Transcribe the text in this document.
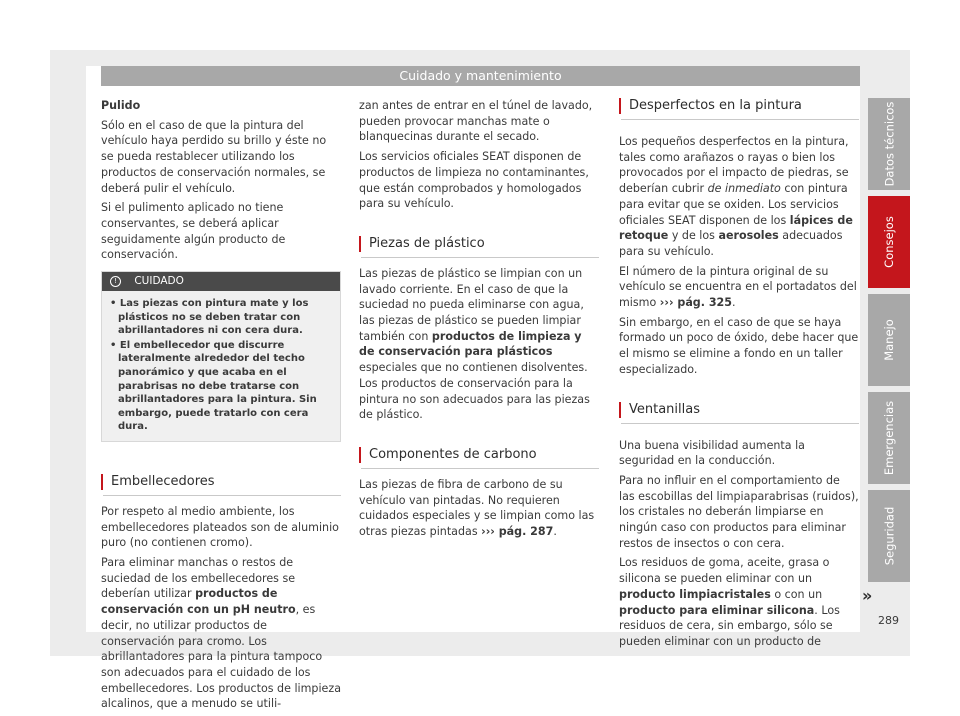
Cuidado y mantenimiento

Pulido

Sólo en el caso de que la pintura del vehículo haya perdido su brillo y éste no se pueda restablecer utilizando los productos de conservación normales, se deberá pulir el vehículo.

Si el pulimento aplicado no tiene conservantes, se deberá aplicar seguidamente algún producto de conservación.

! CUIDADO
• Las piezas con pintura mate y los plásticos no se deben tratar con abrillantadores ni con cera dura.
• El embellecedor que discurre lateralmente alrededor del techo panorámico y que acaba en el parabrisas no debe tratarse con abrillantadores para la pintura. Sin embargo, puede tratarlo con cera dura.
Embellecedores

Por respeto al medio ambiente, los embellecedores plateados son de aluminio puro (no contienen cromo).

Para eliminar manchas o restos de suciedad de los embellecedores se deberían utilizar productos de conservación con un pH neutro, es decir, no utilizar productos de conservación para cromo. Los abrillantadores para la pintura tampoco son adecuados para el cuidado de los embellecedores. Los productos de limpieza alcalinos, que a menudo se utili-

zan antes de entrar en el túnel de lavado, pueden provocar manchas mate o blanquecinas durante el secado.

Los servicios oficiales SEAT disponen de productos de limpieza no contaminantes, que están comprobados y homologados para su vehículo.

Piezas de plástico

Las piezas de plástico se limpian con un lavado corriente. En el caso de que la suciedad no pueda eliminarse con agua, las piezas de plástico se pueden limpiar también con productos de limpieza y de conservación para plásticos especiales que no contienen disolventes. Los productos de conservación para la pintura no son adecuados para las piezas de plástico.

Componentes de carbono

Las piezas de fibra de carbono de su vehículo van pintadas. No requieren cuidados especiales y se limpian como las otras piezas pintadas ››› pág. 287.

Desperfectos en la pintura

Los pequeños desperfectos en la pintura, tales como arañazos o rayas o bien los provocados por el impacto de piedras, se deberían cubrir de inmediato con pintura para evitar que se oxiden. Los servicios oficiales SEAT disponen de los lápices de retoque y de los aerosoles adecuados para su vehículo.

El número de la pintura original de su vehículo se encuentra en el portadatos del mismo ››› pág. 325.

Sin embargo, en el caso de que se haya formado un poco de óxido, debe hacer que el mismo se elimine a fondo en un taller especializado.

Ventanillas

Una buena visibilidad aumenta la seguridad en la conducción.

Para no influir en el comportamiento de las escobillas del limpiaparabrisas (ruidos), los cristales no deberán limpiarse en ningún caso con productos para eliminar restos de insectos o con cera.

Los residuos de goma, aceite, grasa o silicona se pueden eliminar con un producto limpiacristales o con un producto para eliminar silicona. Los residuos de cera, sin embargo, sólo se pueden eliminar con un producto de

Datos técnicos
Consejos
Manejo
Emergencias
Seguridad
»
289
